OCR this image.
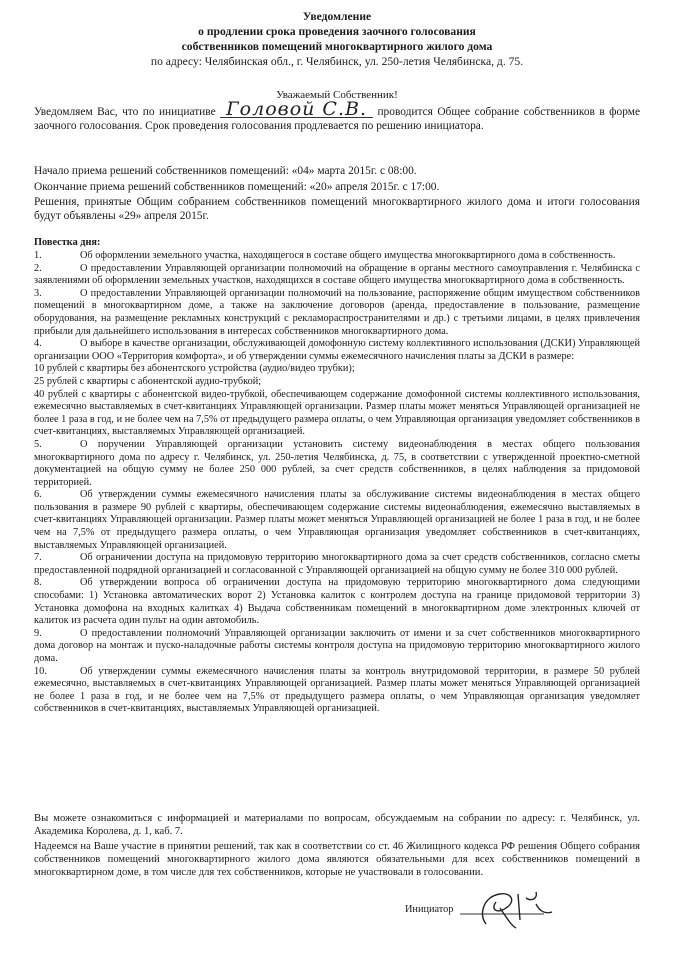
Уведомление
о продлении срока проведения заочного голосования
собственников помещений многоквартирного жилого дома
по адресу: Челябинская обл., г. Челябинск, ул. 250-летия Челябинска, д. 75.
Уважаемый Собственник!
Уведомляем Вас, что по инициативе Головой С.В. проводится Общее собрание собственников в форме заочного голосования. Срок проведения голосования продлевается по решению инициатора.
Начало приема решений собственников помещений: «04» марта 2015г. с 08:00.
Окончание приема решений собственников помещений: «20» апреля 2015г. с 17:00.
Решения, принятые Общим собранием собственников помещений многоквартирного жилого дома и итоги голосования будут объявлены «29» апреля 2015г.
Повестка дня:
1.	Об оформлении земельного участка, находящегося в составе общего имущества многоквартирного дома в собственность.
2.	О предоставлении Управляющей организации полномочий на обращение в органы местного самоуправления г. Челябинска с заявлениями об оформлении земельных участков, находящихся в составе общего имущества многоквартирного дома в собственность.
3.	О предоставлении Управляющей организации полномочий на пользование, распоряжение общим имуществом собственников помещений в многоквартирном доме, а также на заключение договоров (аренда, предоставление в пользование, размещение оборудования, на размещение рекламных конструкций с рекламораспространителями и др.) с третьими лицами, в целях привлечения прибыли для дальнейшего использования в интересах собственников многоквартирного дома.
4.	О выборе в качестве организации, обслуживающей домофонную систему коллективного использования (ДСКИ) Управляющей организации ООО «Территория комфорта», и об утверждении суммы ежемесячного начисления платы за ДСКИ в размере:
10 рублей с квартиры без абонентского устройства (аудио/видео трубки);
25 рублей с квартиры с абонентской аудио-трубкой;
40 рублей с квартиры с абонентской видео-трубкой, обеспечивающем содержание домофонной системы коллективного использования, ежемесячно выставляемых в счет-квитанциях Управляющей организации. Размер платы может меняться Управляющей организацией не более 1 раза в год, и не более чем на 7,5% от предыдущего размера оплаты, о чем Управляющая организация уведомляет собственников в счет-квитанциях, выставляемых Управляющей организацией.
5.	О поручении Управляющей организации установить систему видеонаблюдения в местах общего пользования многоквартирного дома по адресу г. Челябинск, ул. 250-летия Челябинска, д. 75, в соответствии с утвержденной проектно-сметной документацией на общую сумму не более 250 000 рублей, за счет средств собственников, в целях наблюдения за придомовой территорией.
6.	Об утверждении суммы ежемесячного начисления платы за обслуживание системы видеонаблюдения в местах общего пользования в размере 90 рублей с квартиры, обеспечивающем содержание системы видеонаблюдения, ежемесячно выставляемых в счет-квитанциях Управляющей организации. Размер платы может меняться Управляющей организацией не более 1 раза в год, и не более чем на 7,5% от предыдущего размера оплаты, о чем Управляющая организация уведомляет собственников в счет-квитанциях, выставляемых Управляющей организацией.
7.	Об ограничении доступа на придомовую территорию многоквартирного дома за счет средств собственников, согласно сметы предоставленной подрядной организацией и согласованной с Управляющей организацией на общую сумму не более 310 000 рублей.
8.	Об утверждении вопроса об ограничении доступа на придомовую территорию многоквартирного дома следующими способами: 1) Установка автоматических ворот 2) Установка калиток с контролем доступа на границе придомовой территории 3) Установка домофона на входных калитках 4) Выдача собственникам помещений в многоквартирном доме электронных ключей от калиток из расчета один пульт на один автомобиль.
9.	О предоставлении полномочий Управляющей организации заключить от имени и за счет собственников многоквартирного дома договор на монтаж и пуско-наладочные работы системы контроля доступа на придомовую территорию многоквартирного жилого дома.
10.	Об утверждении суммы ежемесячного начисления платы за контроль внутридомовой территории, в размере 50 рублей ежемесячно, выставляемых в счет-квитанциях Управляющей организацией. Размер платы может меняться Управляющей организацией не более 1 раза в год, и не более чем на 7,5% от предыдущего размера оплаты, о чем Управляющая организация уведомляет собственников в счет-квитанциях, выставляемых Управляющей организацией.
Вы можете ознакомиться с информацией и материалами по вопросам, обсуждаемым на собрании по адресу: г. Челябинск, ул. Академика Королева, д. 1, каб. 7.
Надеемся на Ваше участие в принятии решений, так как в соответствии со ст. 46 Жилищного кодекса РФ решения Общего собрания собственников помещений многоквартирного жилого дома являются обязательными для всех собственников помещений в многоквартирном доме, в том числе для тех собственников, которые не участвовали в голосовании.
Инициатор
